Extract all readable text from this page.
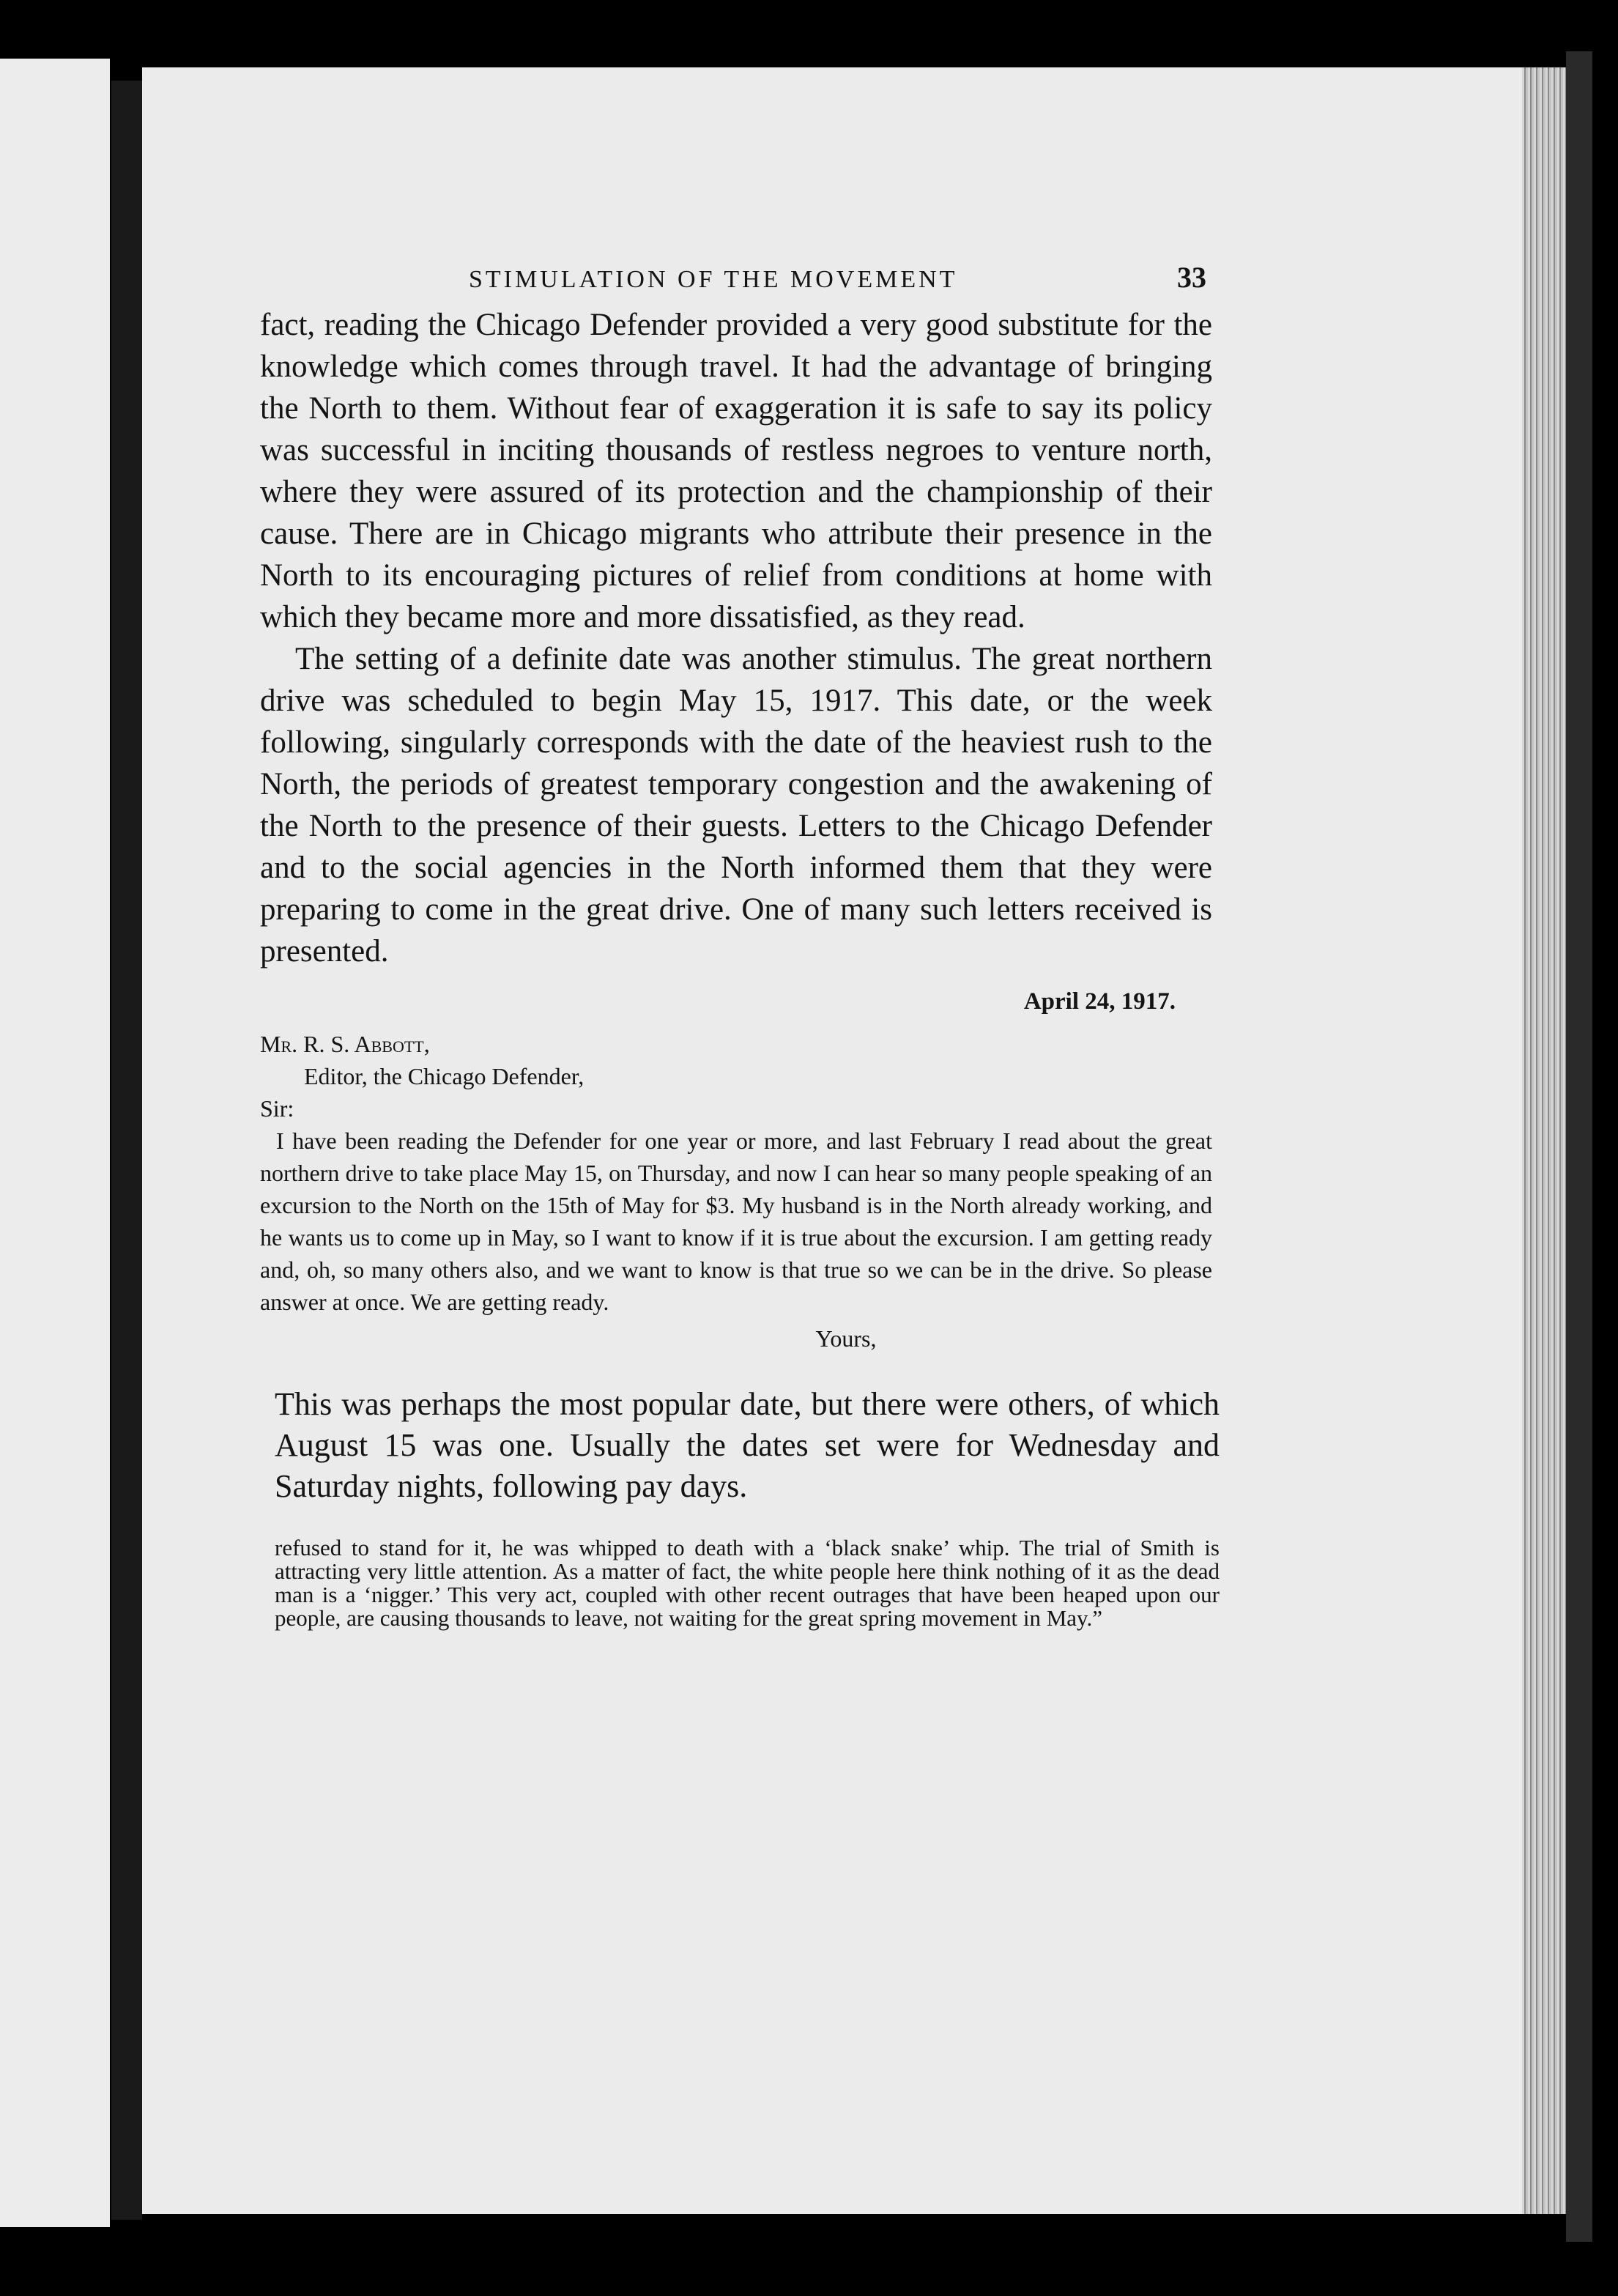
STIMULATION OF THE MOVEMENT	33

fact, reading the Chicago Defender provided a very good substitute for the knowledge which comes through travel. It had the advantage of bringing the North to them. Without fear of exaggeration it is safe to say its policy was successful in inciting thousands of restless negroes to venture north, where they were assured of its protection and the championship of their cause. There are in Chicago migrants who attribute their presence in the North to its encouraging pictures of relief from conditions at home with which they became more and more dissatisfied, as they read.

The setting of a definite date was another stimulus. The great northern drive was scheduled to begin May 15, 1917. This date, or the week following, singularly corresponds with the date of the heaviest rush to the North, the periods of greatest temporary congestion and the awakening of the North to the presence of their guests. Letters to the Chicago Defender and to the social agencies in the North informed them that they were preparing to come in the great drive. One of many such letters received is presented.

April 24, 1917.

Mr. R. S. Abbott,

Editor, the Chicago Defender,

Sir:

I have been reading the Defender for one year or more, and last February I read about the great northern drive to take place May 15, on Thursday, and now I can hear so many people speaking of an excursion to the North on the 15th of May for $3. My husband is in the North already working, and he wants us to come up in May, so I want to know if it is true about the excursion. I am getting ready and, oh, so many others also, and we want to know is that true so we can be in the drive. So please answer at once. We are getting ready.

Yours,

This was perhaps the most popular date, but there were others, of which August 15 was one. Usually the dates set were for Wednesday and Saturday nights, following pay days.

refused to stand for it, he was whipped to death with a ‘black snake’ whip. The trial of Smith is attracting very little attention. As a matter of fact, the white people here think nothing of it as the dead man is a ‘nigger.’ This very act, coupled with other recent outrages that have been heaped upon our people, are causing thousands to leave, not waiting for the great spring movement in May.”
